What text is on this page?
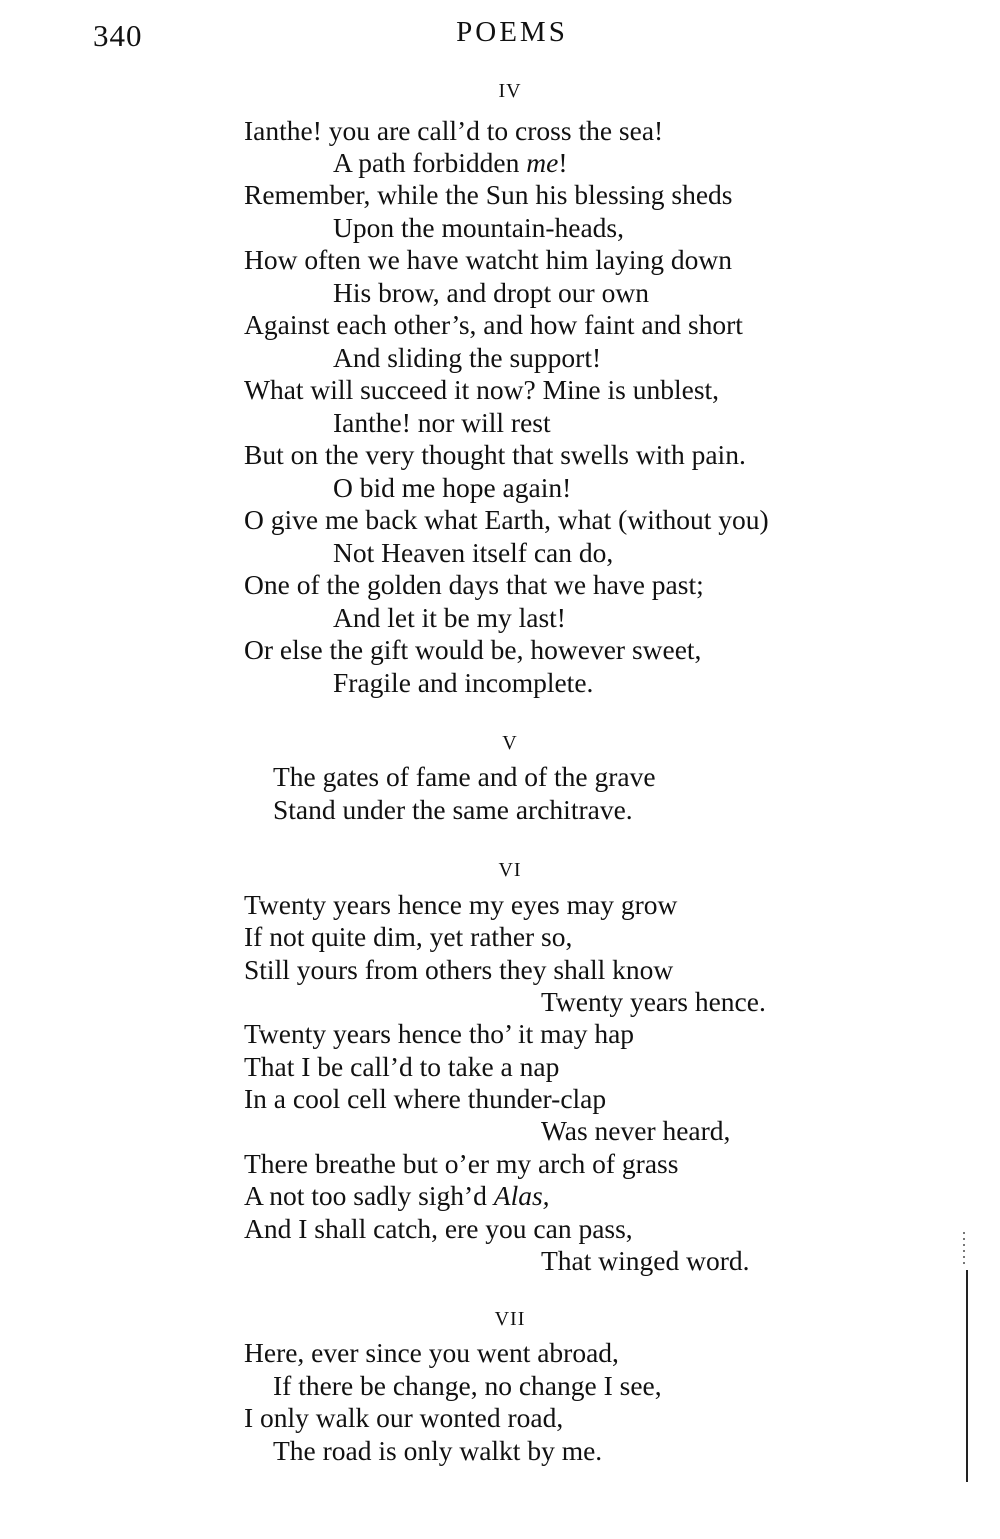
340	POEMS
IV
Ianthe! you are call’d to cross the sea!
A path forbidden me!
Remember, while the Sun his blessing sheds
Upon the mountain-heads,
How often we have watcht him laying down
His brow, and dropt our own
Against each other’s, and how faint and short
And sliding the support!
What will succeed it now? Mine is unblest,
Ianthe! nor will rest
But on the very thought that swells with pain.
O bid me hope again!
O give me back what Earth, what (without you)
Not Heaven itself can do,
One of the golden days that we have past;
And let it be my last!
Or else the gift would be, however sweet,
Fragile and incomplete.
V
The gates of fame and of the grave
Stand under the same architrave.
VI
Twenty years hence my eyes may grow
If not quite dim, yet rather so,
Still yours from others they shall know
Twenty years hence.
Twenty years hence tho’ it may hap
That I be call’d to take a nap
In a cool cell where thunder-clap
Was never heard,
There breathe but o’er my arch of grass
A not too sadly sigh’d Alas,
And I shall catch, ere you can pass,
That winged word.
VII
Here, ever since you went abroad,
If there be change, no change I see,
I only walk our wonted road,
The road is only walkt by me.
